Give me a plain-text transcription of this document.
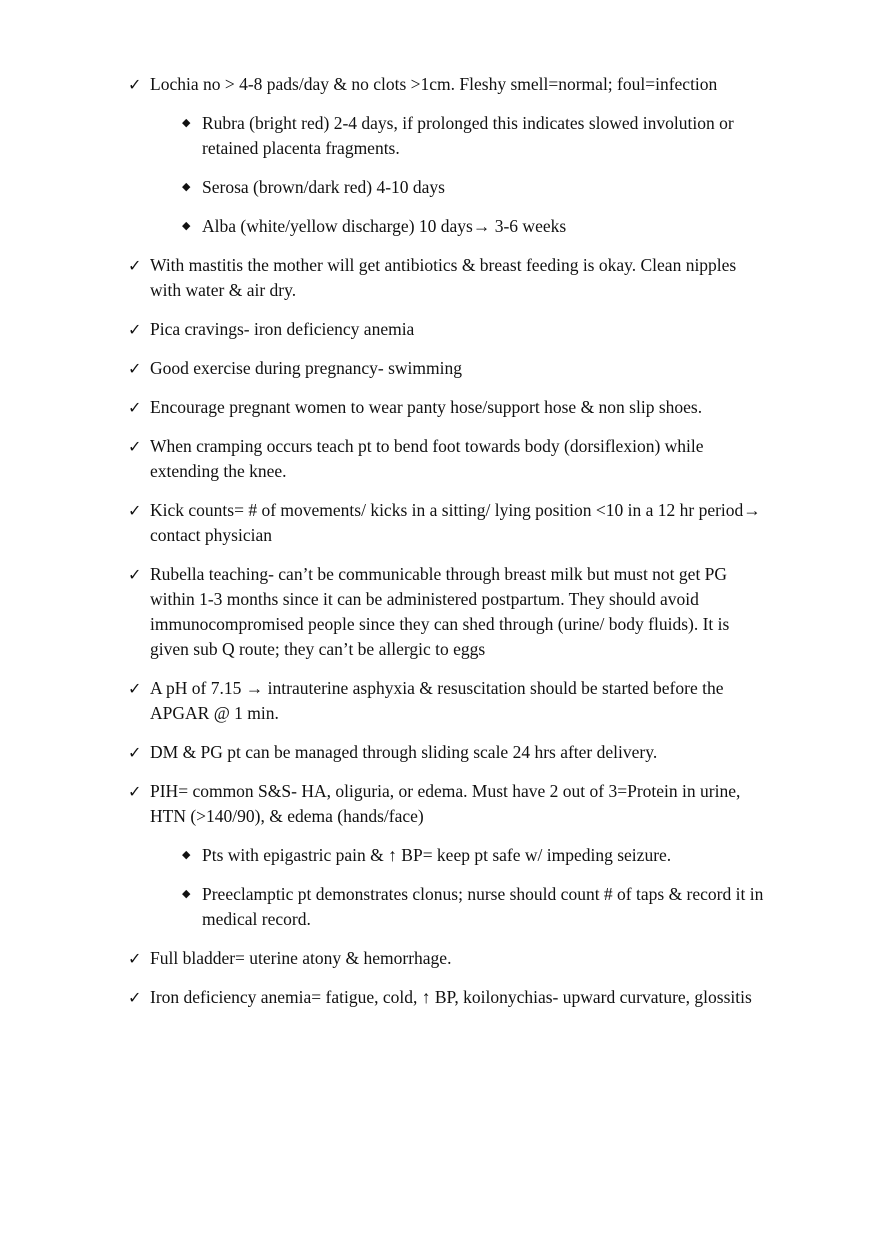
✓ Lochia no > 4-8 pads/day & no clots >1cm. Fleshy smell=normal; foul=infection
◆ Rubra (bright red) 2-4 days, if prolonged this indicates slowed involution or retained placenta fragments.
◆ Serosa (brown/dark red) 4-10 days
◆ Alba (white/yellow discharge) 10 days→ 3-6 weeks
✓ With mastitis the mother will get antibiotics & breast feeding is okay. Clean nipples with water & air dry.
✓ Pica cravings- iron deficiency anemia
✓ Good exercise during pregnancy- swimming
✓ Encourage pregnant women to wear panty hose/support hose & non slip shoes.
✓ When cramping occurs teach pt to bend foot towards body (dorsiflexion) while extending the knee.
✓ Kick counts= # of movements/ kicks in a sitting/ lying position <10 in a 12 hr period→ contact physician
✓ Rubella teaching- can’t be communicable through breast milk but must not get PG within 1-3 months since it can be administered postpartum. They should avoid immunocompromised people since they can shed through (urine/ body fluids). It is given sub Q route; they can’t be allergic to eggs
✓ A pH of 7.15 → intrauterine asphyxia & resuscitation should be started before the APGAR @ 1 min.
✓ DM & PG pt can be managed through sliding scale 24 hrs after delivery.
✓ PIH= common S&S- HA, oliguria, or edema. Must have 2 out of 3=Protein in urine, HTN (>140/90), & edema (hands/face)
◆ Pts with epigastric pain & ↑ BP= keep pt safe w/ impeding seizure.
◆ Preeclamptic pt demonstrates clonus; nurse should count # of taps & record it in medical record.
✓ Full bladder= uterine atony & hemorrhage.
✓ Iron deficiency anemia= fatigue, cold, ↑ BP, koilonychias- upward curvature, glossitis
